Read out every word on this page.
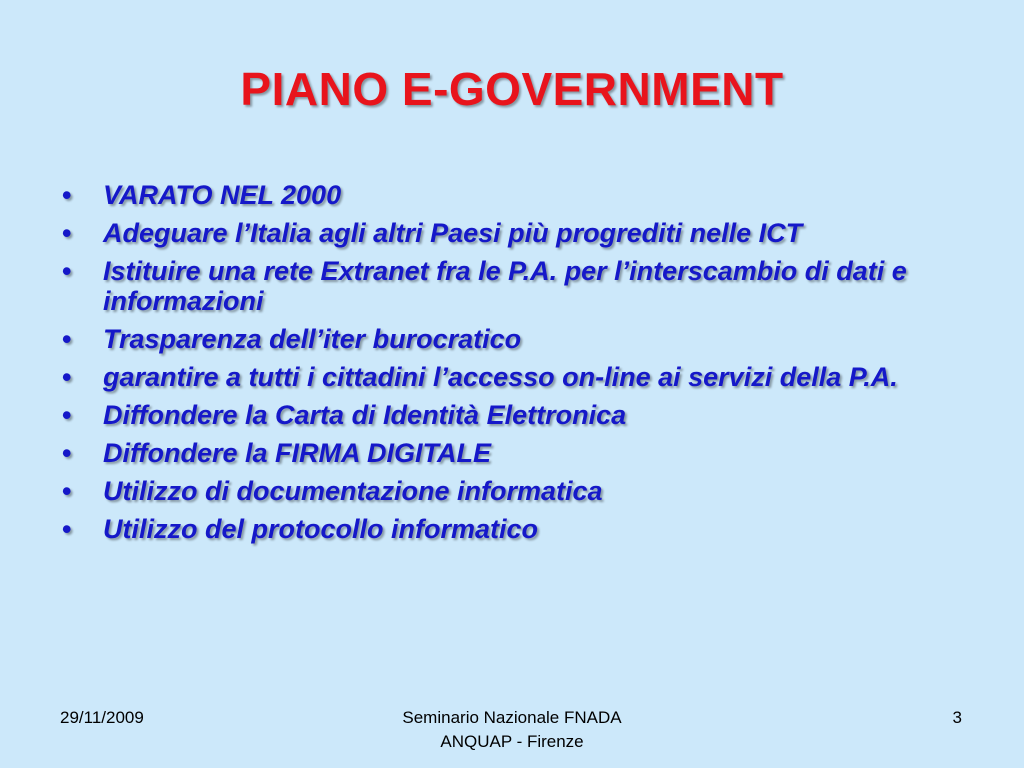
PIANO E-GOVERNMENT
• VARATO NEL 2000
• Adeguare l’Italia agli altri Paesi più progrediti nelle ICT
• Istituire una rete Extranet fra le P.A. per l’interscambio di dati e informazioni
• Trasparenza dell’iter burocratico
• garantire a tutti i cittadini l’accesso on-line ai servizi della P.A.
• Diffondere la Carta di Identità Elettronica
• Diffondere la FIRMA DIGITALE
• Utilizzo di documentazione informatica
• Utilizzo del protocollo informatico
29/11/2009	Seminario Nazionale FNADA
ANQUAP - Firenze
3
